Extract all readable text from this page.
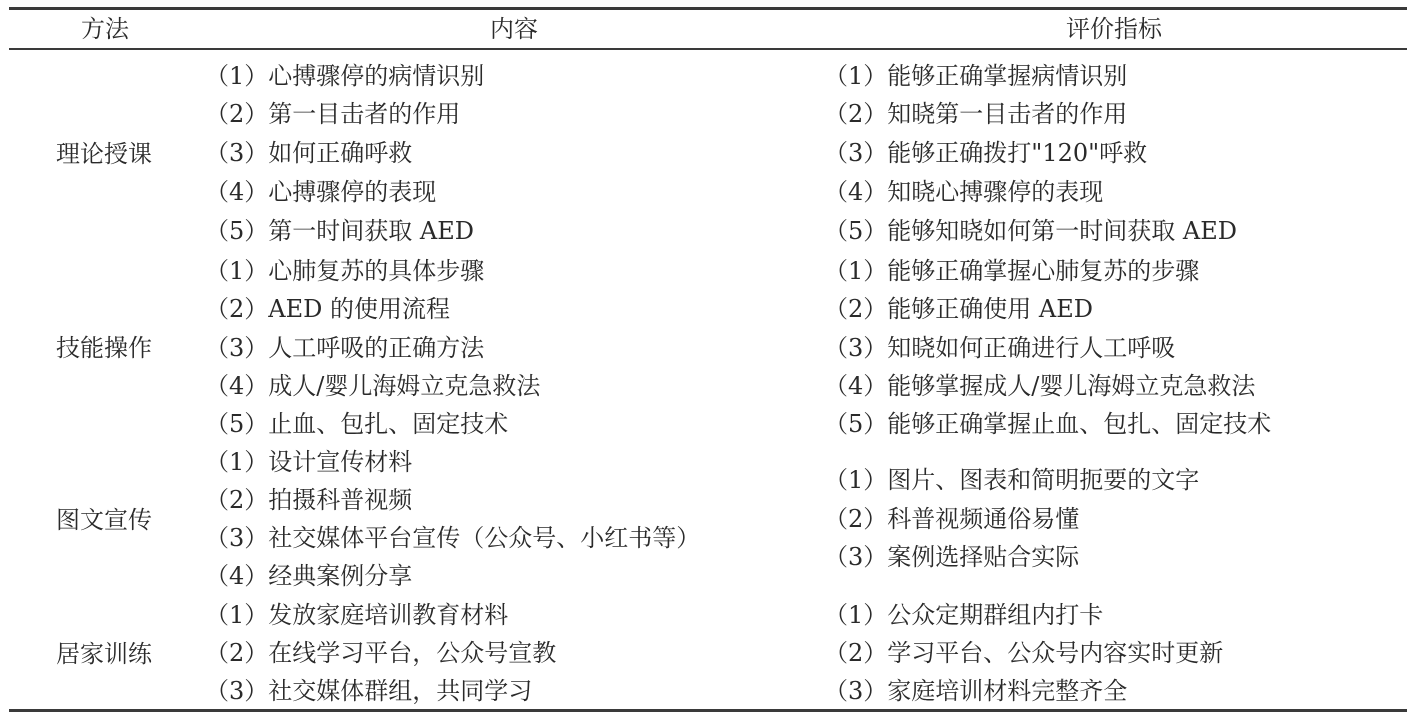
方法	内容	评价指标
理论授课
（1）心搏骤停的病情识别
（2）第一目击者的作用
（3）如何正确呼救
（4）心搏骤停的表现
（5）第一时间获取 AED
（1）能够正确掌握病情识别
（2）知晓第一目击者的作用
（3）能够正确拨打"120"呼救
（4）知晓心搏骤停的表现
（5）能够知晓如何第一时间获取 AED
技能操作
（1）心肺复苏的具体步骤
（2）AED 的使用流程
（3）人工呼吸的正确方法
（4）成人/婴儿海姆立克急救法
（5）止血、包扎、固定技术
（1）能够正确掌握心肺复苏的步骤
（2）能够正确使用 AED
（3）知晓如何正确进行人工呼吸
（4）能够掌握成人/婴儿海姆立克急救法
（5）能够正确掌握止血、包扎、固定技术
图文宣传
（1）设计宣传材料
（2）拍摄科普视频
（3）社交媒体平台宣传（公众号、小红书等）
（4）经典案例分享
（1）图片、图表和简明扼要的文字
（2）科普视频通俗易懂
（3）案例选择贴合实际
居家训练
（1）发放家庭培训教育材料
（2）在线学习平台，公众号宣教
（3）社交媒体群组，共同学习
（1）公众定期群组内打卡
（2）学习平台、公众号内容实时更新
（3）家庭培训材料完整齐全
